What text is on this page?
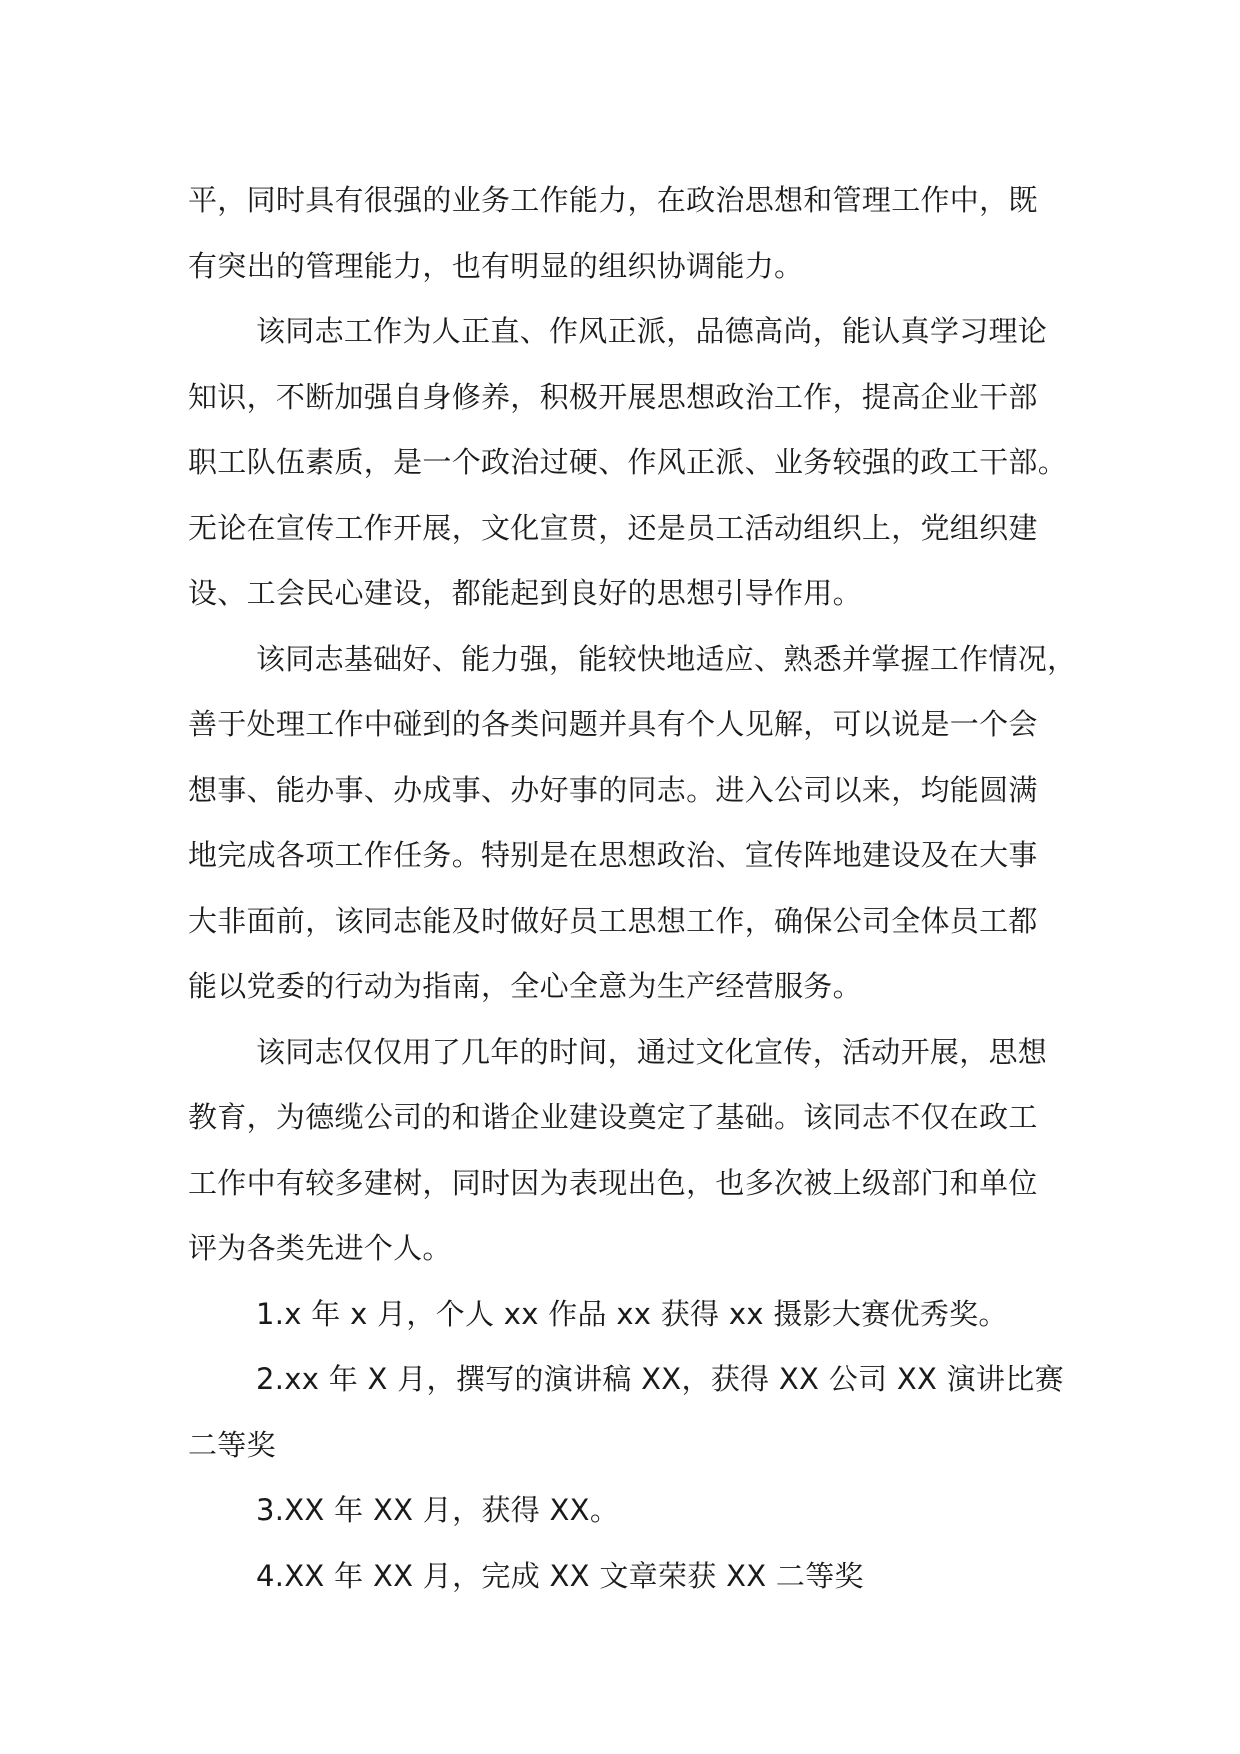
平，同时具有很强的业务工作能力，在政治思想和管理工作中，既
有突出的管理能力，也有明显的组织协调能力。
该同志工作为人正直、作风正派，品德高尚，能认真学习理论
知识，不断加强自身修养，积极开展思想政治工作，提高企业干部
职工队伍素质，是一个政治过硬、作风正派、业务较强的政工干部。
无论在宣传工作开展，文化宣贯，还是员工活动组织上，党组织建
设、工会民心建设，都能起到良好的思想引导作用。
该同志基础好、能力强，能较快地适应、熟悉并掌握工作情况，
善于处理工作中碰到的各类问题并具有个人见解，可以说是一个会
想事、能办事、办成事、办好事的同志。进入公司以来，均能圆满
地完成各项工作任务。特别是在思想政治、宣传阵地建设及在大事
大非面前，该同志能及时做好员工思想工作，确保公司全体员工都
能以党委的行动为指南，全心全意为生产经营服务。
该同志仅仅用了几年的时间，通过文化宣传，活动开展，思想
教育，为德缆公司的和谐企业建设奠定了基础。该同志不仅在政工
工作中有较多建树，同时因为表现出色，也多次被上级部门和单位
评为各类先进个人。
1.x 年 x 月，个人 xx 作品 xx 获得 xx 摄影大赛优秀奖。
2.xx 年 X 月，撰写的演讲稿 XX，获得 XX 公司 XX 演讲比赛
二等奖
3.XX 年 XX 月，获得 XX。
4.XX 年 XX 月，完成 XX 文章荣获 XX 二等奖
